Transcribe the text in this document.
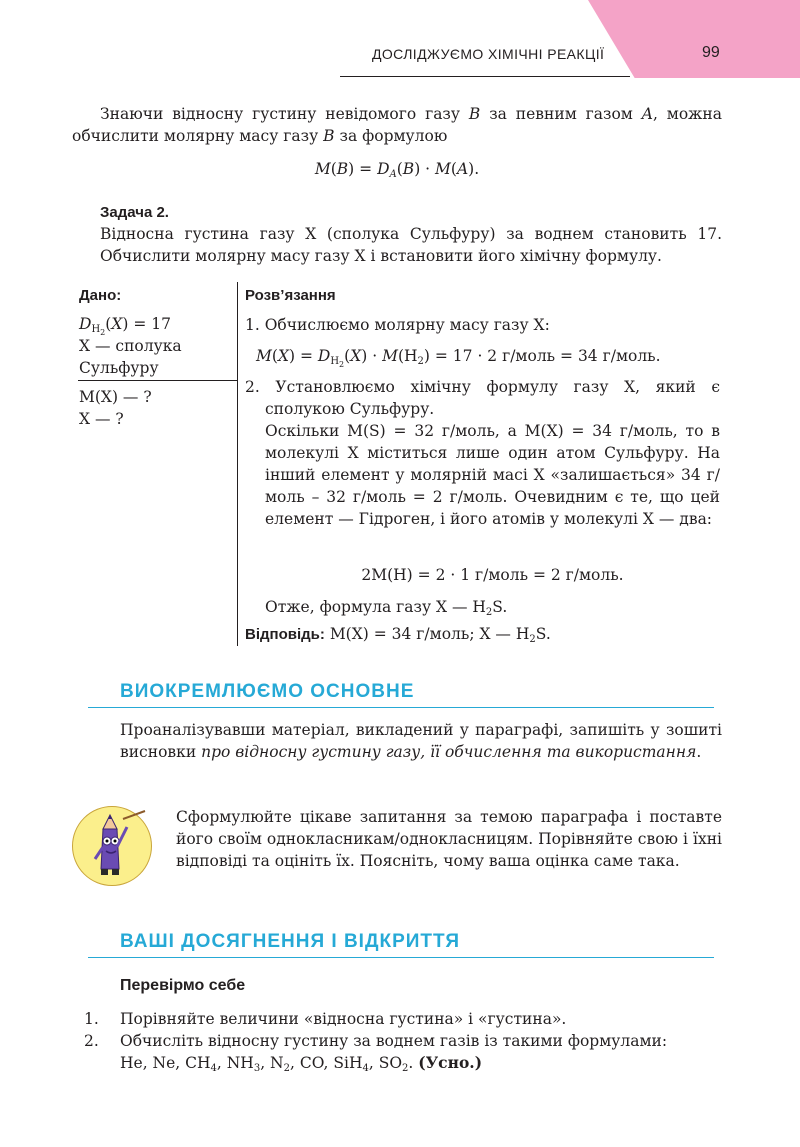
ДОСЛІДЖУЄМО ХІМІЧНІ РЕАКЦІЇ	99
Знаючи відносну густину невідомого газу B за певним газом A, можна обчислити молярну масу газу B за формулою
$M(B) = D_A(B) \cdot M(A)$.
Задача 2.
Відносна густина газу X (сполука Сульфуру) за воднем становить 17. Обчислити молярну масу газу X і встановити його хімічну формулу.
Дано:
$D_{H_2}(X) = 17$
X — сполука Сульфуру
M(X) — ?
X — ?
Розв’язання
1. Обчислюємо молярну масу газу X:
$M(X) = D_{H_2}(X) \cdot M(H_2) = 17 \cdot 2$ г/моль = 34 г/моль.
2. Установлюємо хімічну формулу газу X, який є сполукою Сульфуру.
Оскільки M(S) = 32 г/моль, а M(X) = 34 г/моль, то в молекулі X міститься лише один атом Сульфуру. На інший елемент у молярній масі X «залишається» 34 г/моль – 32 г/моль = 2 г/моль. Очевидним є те, що цей елемент — Гідроген, і його атомів у молекулі X — два:
2M(H) = 2 · 1 г/моль = 2 г/моль.
Отже, формула газу X — $H_2S$.
Відповідь: M(X) = 34 г/моль; X — $H_2S$.
ВИОКРЕМЛЮЄМО ОСНОВНЕ
Проаналізувавши матеріал, викладений у параграфі, запишіть у зошиті висновки про відносну густину газу, її обчислення та використання.
Сформулюйте цікаве запитання за темою параграфа і поставте його своїм однокласникам/однокласницям. Порівняйте свою і їхні відповіді та оцініть їх. Поясніть, чому ваша оцінка саме така.
ВАШІ ДОСЯГНЕННЯ І ВІДКРИТТЯ
Перевірмо себе
1. Порівняйте величини «відносна густина» і «густина».
2. Обчисліть відносну густину за воднем газів із такими формулами:
He, Ne, $CH_4$, $NH_3$, $N_2$, CO, SiH$_4$, $SO_2$. (Усно.)
